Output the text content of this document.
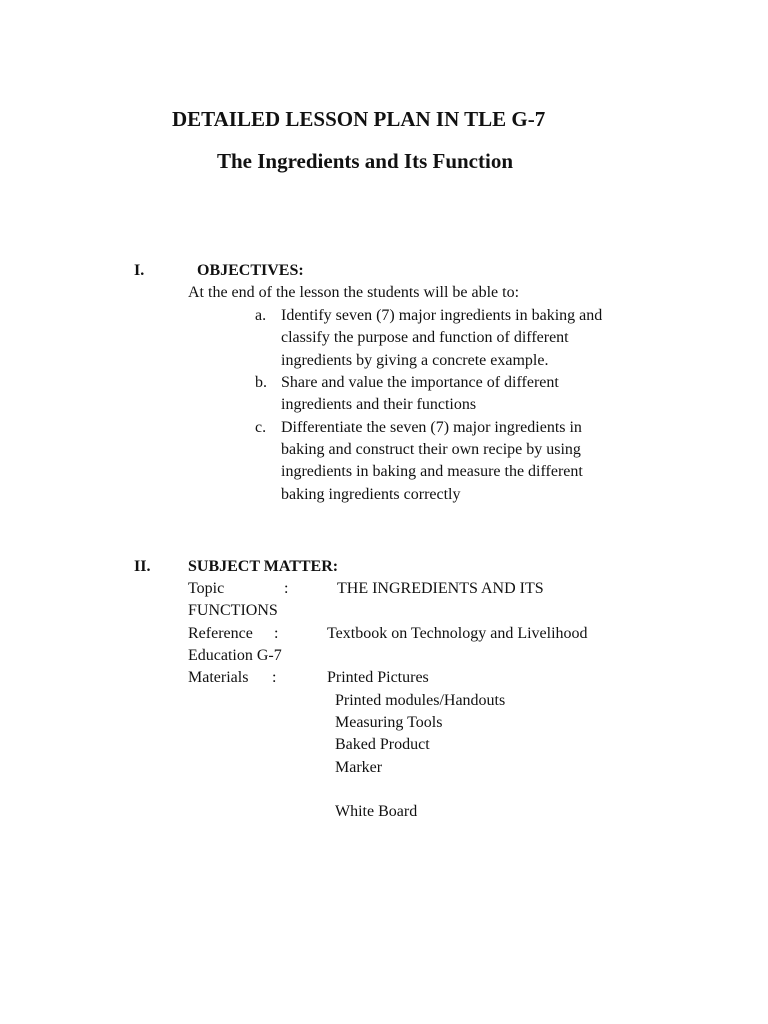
DETAILED LESSON PLAN IN TLE G-7
The Ingredients and Its Function
I.	OBJECTIVES:
At the end of the lesson the students will be able to:
a. Identify seven (7) major ingredients in baking and
classify the purpose and function of different
ingredients by giving a concrete example.
b. Share and value the importance of different
ingredients and their functions
c. Differentiate the seven (7) major ingredients in
baking and construct their own recipe by using
ingredients in baking and measure the different
baking ingredients correctly
II. SUBJECT MATTER:
Topic	:	THE INGREDIENTS AND ITS
FUNCTIONS
Reference :	Textbook on Technology and Livelihood
Education G-7
Materials :	Printed Pictures
Printed modules/Handouts
Measuring Tools
Baked Product
Marker
White Board
